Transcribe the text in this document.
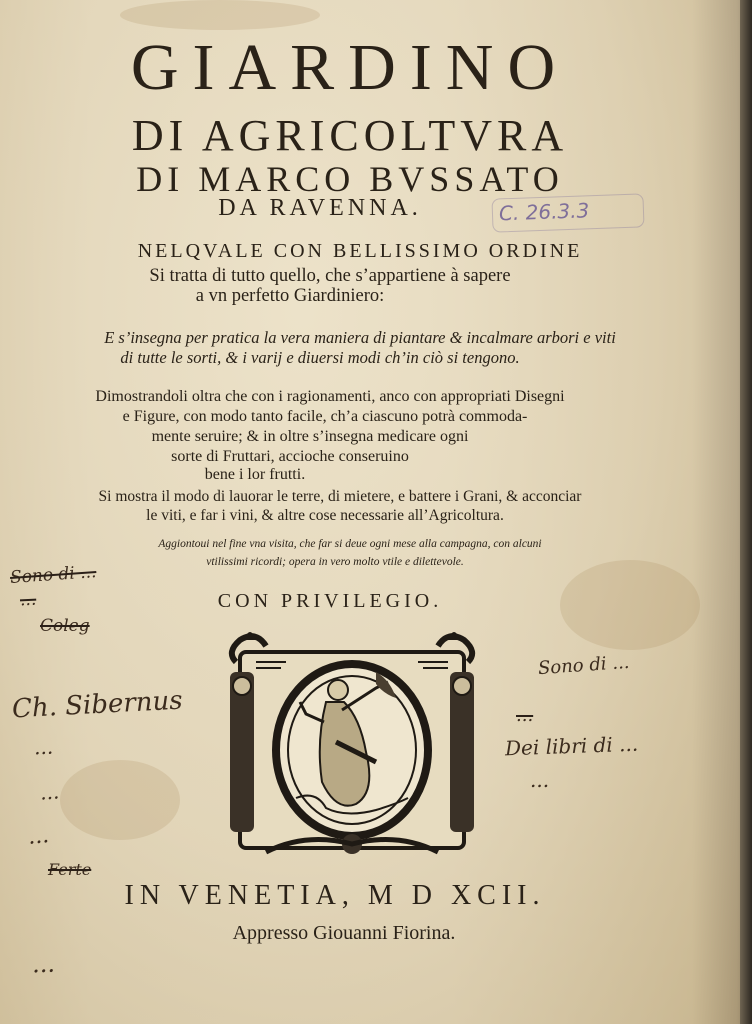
GIARDINO
DI AGRICOLTVRA
DI MARCO BVSSATO
DA RAVENNA.	C. 26.3.3
NELQVALE CON BELLISSIMO ORDINE
Si tratta di tutto quello, che s’appartiene à sapere
a vn perfetto Giardiniero:
E s’insegna per pratica la vera maniera di piantare & incalmare arbori e viti
di tutte le sorti, & i varij e diuersi modi ch’in ciò si tengono.
Dimostrandoli oltra che con i ragionamenti, anco con appropriati Disegni
e Figure, con modo tanto facile, ch’a ciascuno potrà commoda-
mente seruire; & in oltre s’insegna medicare ogni
sorte di Fruttari, accioche conseruino
bene i lor frutti.
Si mostra il modo di lauorar le terre, di mietere, e battere i Grani, & acconciar
le viti, e far i vini, & altre cose necessarie all’Agricoltura.
Aggiontoui nel fine vna visita, che far si deue ogni mese alla campagna, con alcuni
vtilissimi ricordi; opera in vero molto vtile e dilettevole.
CON PRIVILEGIO.
IN VENETIA, M D XCII.
Appresso Giouanni Fiorina.
Sono di ...
...
Coleg
Ch. Sibernus
...
...
...
Ferte
Sono di ...
...
Dei libri di ...
...
...
